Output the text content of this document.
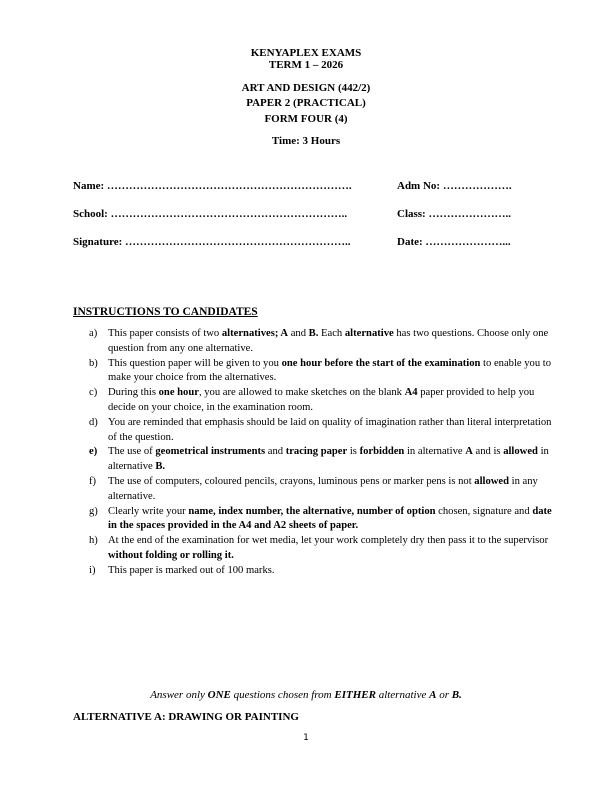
KENYAPLEX EXAMS
TERM 1 – 2026
ART AND DESIGN (442/2)
PAPER 2 (PRACTICAL)
FORM FOUR (4)
Time: 3 Hours
Name: ………………………………………………………….	Adm No: ……………….
School: ………………………………………………………..	Class: …………………..
Signature: ……………………………………………………..	Date: …………………...
INSTRUCTIONS TO CANDIDATES
a) This paper consists of two alternatives; A and B. Each alternative has two questions. Choose only one question from any one alternative.
b) This question paper will be given to you one hour before the start of the examination to enable you to make your choice from the alternatives.
c) During this one hour, you are allowed to make sketches on the blank A4 paper provided to help you decide on your choice, in the examination room.
d) You are reminded that emphasis should be laid on quality of imagination rather than literal interpretation of the question.
e) The use of geometrical instruments and tracing paper is forbidden in alternative A and is allowed in alternative B.
f) The use of computers, coloured pencils, crayons, luminous pens or marker pens is not allowed in any alternative.
g) Clearly write your name, index number, the alternative, number of option chosen, signature and date in the spaces provided in the A4 and A2 sheets of paper.
h) At the end of the examination for wet media, let your work completely dry then pass it to the supervisor without folding or rolling it.
i) This paper is marked out of 100 marks.
Answer only ONE questions chosen from EITHER alternative A or B.
ALTERNATIVE A: DRAWING OR PAINTING
1
